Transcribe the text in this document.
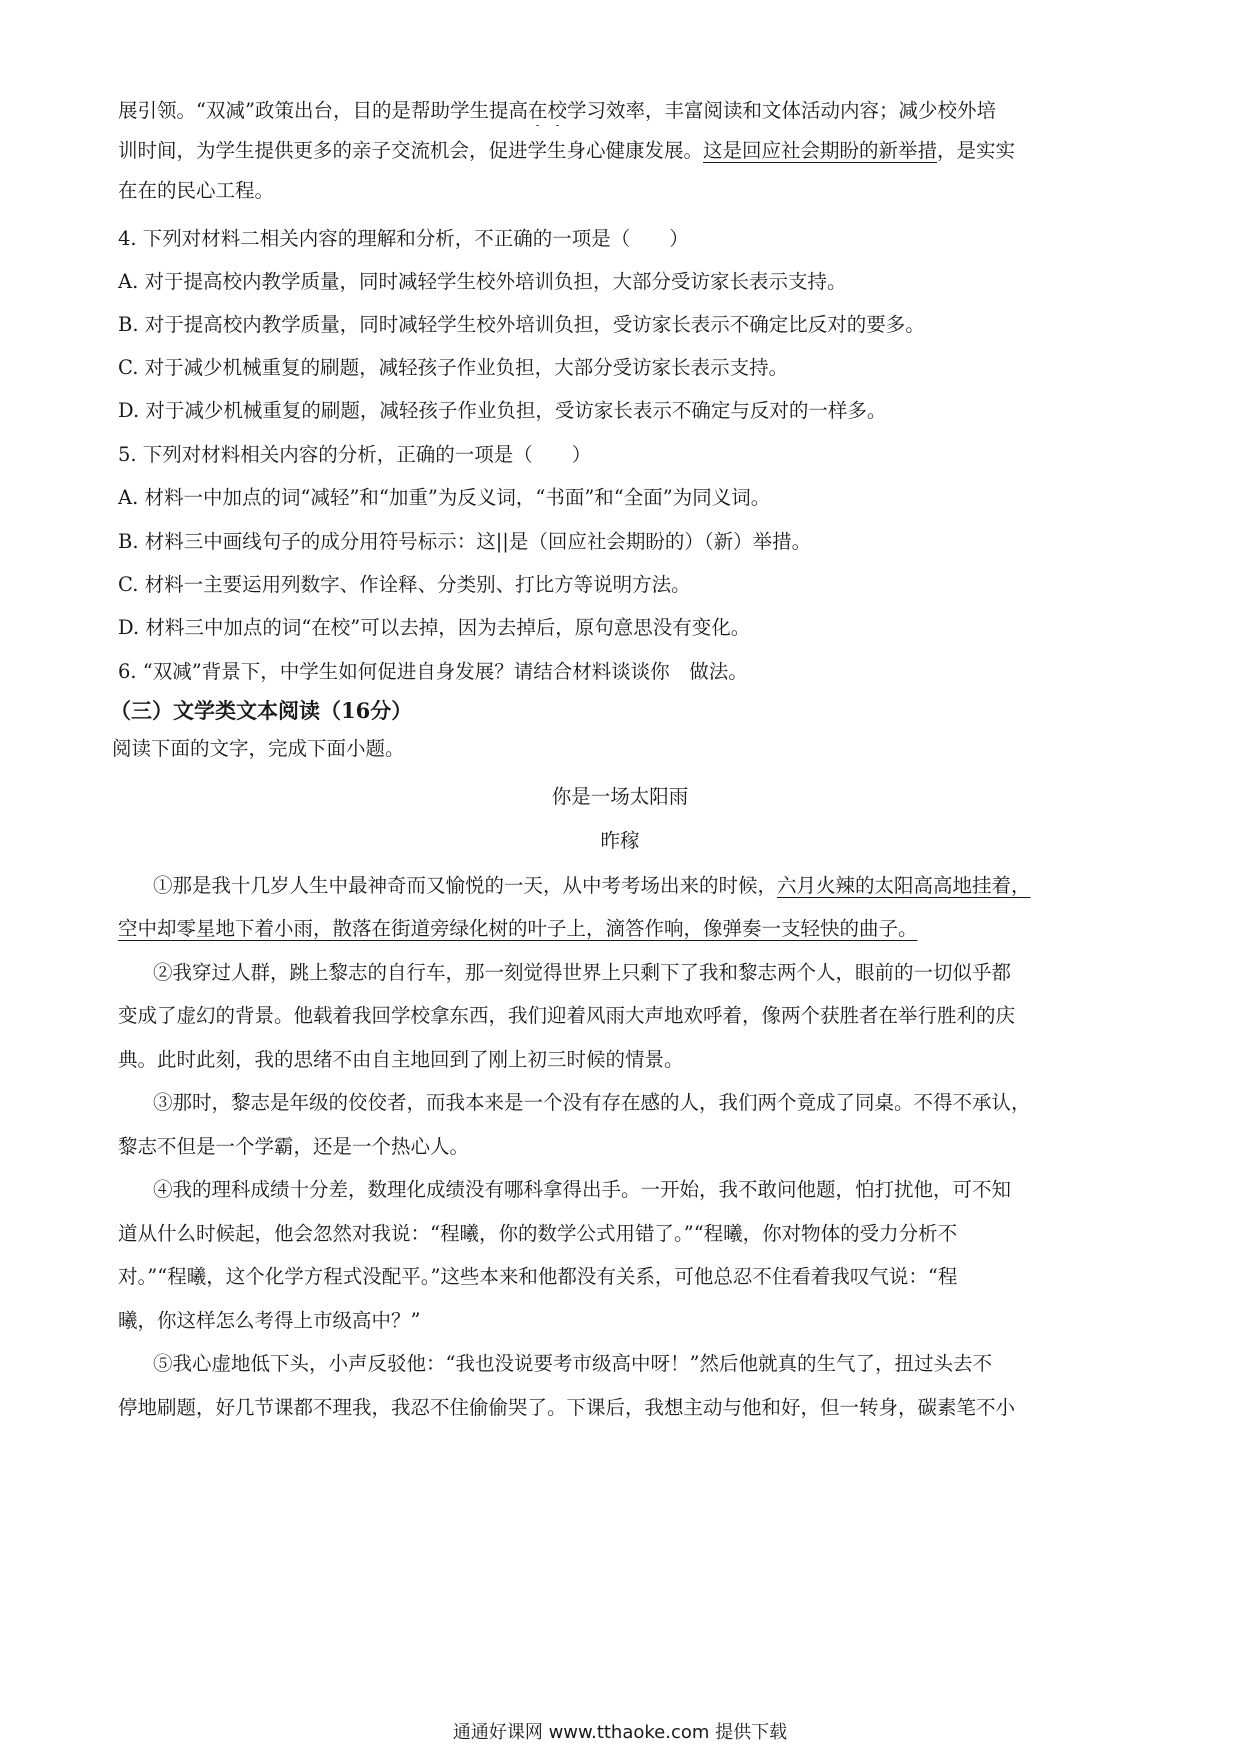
展引领。“双减”政策出台，目的是帮助学生提高在校学习效率，丰富阅读和文体活动内容；减少校外培
训时间，为学生提供更多的亲子交流机会，促进学生身心健康发展。这是回应社会期盼的新举措，是实实
在在的民心工程。
4. 下列对材料二相关内容的理解和分析，不正确的一项是（　　）
A. 对于提高校内教学质量，同时减轻学生校外培训负担，大部分受访家长表示支持。
B. 对于提高校内教学质量，同时减轻学生校外培训负担，受访家长表示不确定比反对的要多。
C. 对于减少机械重复的刷题，减轻孩子作业负担，大部分受访家长表示支持。
D. 对于减少机械重复的刷题，减轻孩子作业负担，受访家长表示不确定与反对的一样多。
5. 下列对材料相关内容的分析，正确的一项是（　　）
A. 材料一中加点的词“减轻”和“加重”为反义词，“书面”和“全面”为同义词。
B. 材料三中画线句子的成分用符号标示：这||是（回应社会期盼的）（新）举措。
C. 材料一主要运用列数字、作诠释、分类别、打比方等说明方法。
D. 材料三中加点的词“在校”可以去掉，因为去掉后，原句意思没有变化。
6. “双减”背景下，中学生如何促进自身发展？请结合材料谈谈你　做法。
（三）文学类文本阅读（16分）
阅读下面的文字，完成下面小题。
你是一场太阳雨
昨稼
①那是我十几岁人生中最神奇而又愉悦的一天，从中考考场出来的时候，六月火辣的太阳高高地挂着，
空中却零星地下着小雨，散落在街道旁绿化树的叶子上，滴答作响，像弹奏一支轻快的曲子。
②我穿过人群，跳上黎志的自行车，那一刻觉得世界上只剩下了我和黎志两个人，眼前的一切似乎都
变成了虚幻的背景。他载着我回学校拿东西，我们迎着风雨大声地欢呼着，像两个获胜者在举行胜利的庆
典。此时此刻，我的思绪不由自主地回到了刚上初三时候的情景。
③那时，黎志是年级的佼佼者，而我本来是一个没有存在感的人，我们两个竟成了同桌。不得不承认，
黎志不但是一个学霸，还是一个热心人。
④我的理科成绩十分差，数理化成绩没有哪科拿得出手。一开始，我不敢问他题，怕打扰他，可不知
道从什么时候起，他会忽然对我说：“程曦，你的数学公式用错了。”“程曦，你对物体的受力分析不
对。”“程曦，这个化学方程式没配平。”这些本来和他都没有关系，可他总忍不住看着我叹气说：“程
曦，你这样怎么考得上市级高中？”
⑤我心虚地低下头，小声反驳他：“我也没说要考市级高中呀！”然后他就真的生气了，扭过头去不
停地刷题，好几节课都不理我，我忍不住偷偷哭了。下课后，我想主动与他和好，但一转身，碳素笔不小
通通好课网 www.tthaoke.com 提供下载
